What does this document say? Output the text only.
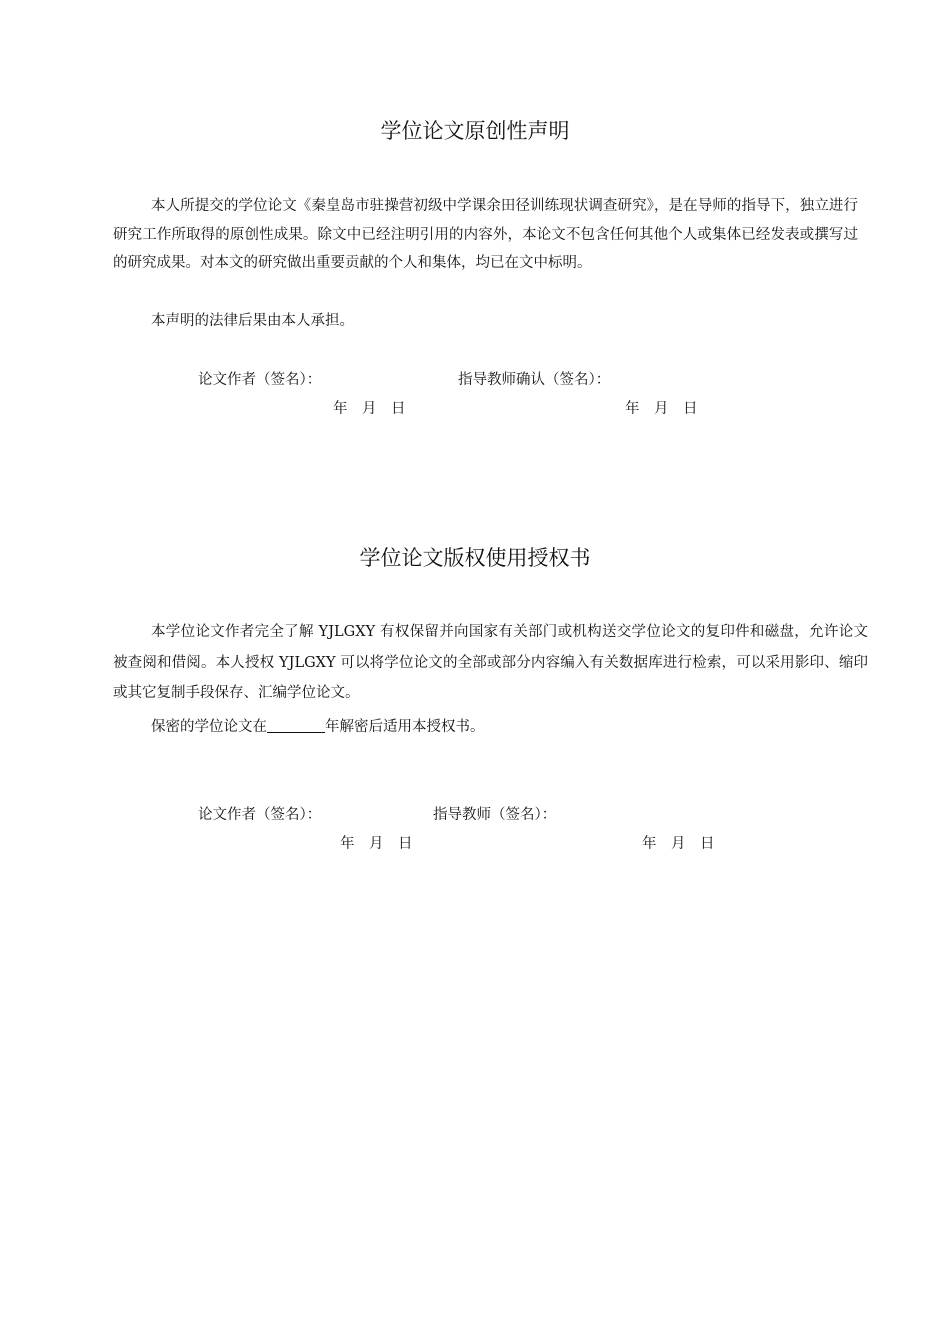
学位论文原创性声明

本人所提交的学位论文《秦皇岛市驻操营初级中学课余田径训练现状调查研究》，是在导师的指导下，独立进行研究工作所取得的原创性成果。除文中已经注明引用的内容外，本论文不包含任何其他个人或集体已经发表或撰写过的研究成果。对本文的研究做出重要贡献的个人和集体，均已在文中标明。

本声明的法律后果由本人承担。

论文作者（签名）：	指导教师确认（签名）：

年　月　日	年　月　日

学位论文版权使用授权书

本学位论文作者完全了解 YJLGXY 有权保留并向国家有关部门或机构送交学位论文的复印件和磁盘，允许论文被查阅和借阅。本人授权 YJLGXY 可以将学位论文的全部或部分内容编入有关数据库进行检索，可以采用影印、缩印或其它复制手段保存、汇编学位论文。

保密的学位论文在	年解密后适用本授权书。

论文作者（签名）：	指导教师（签名）：

年　月　日	年　月　日
